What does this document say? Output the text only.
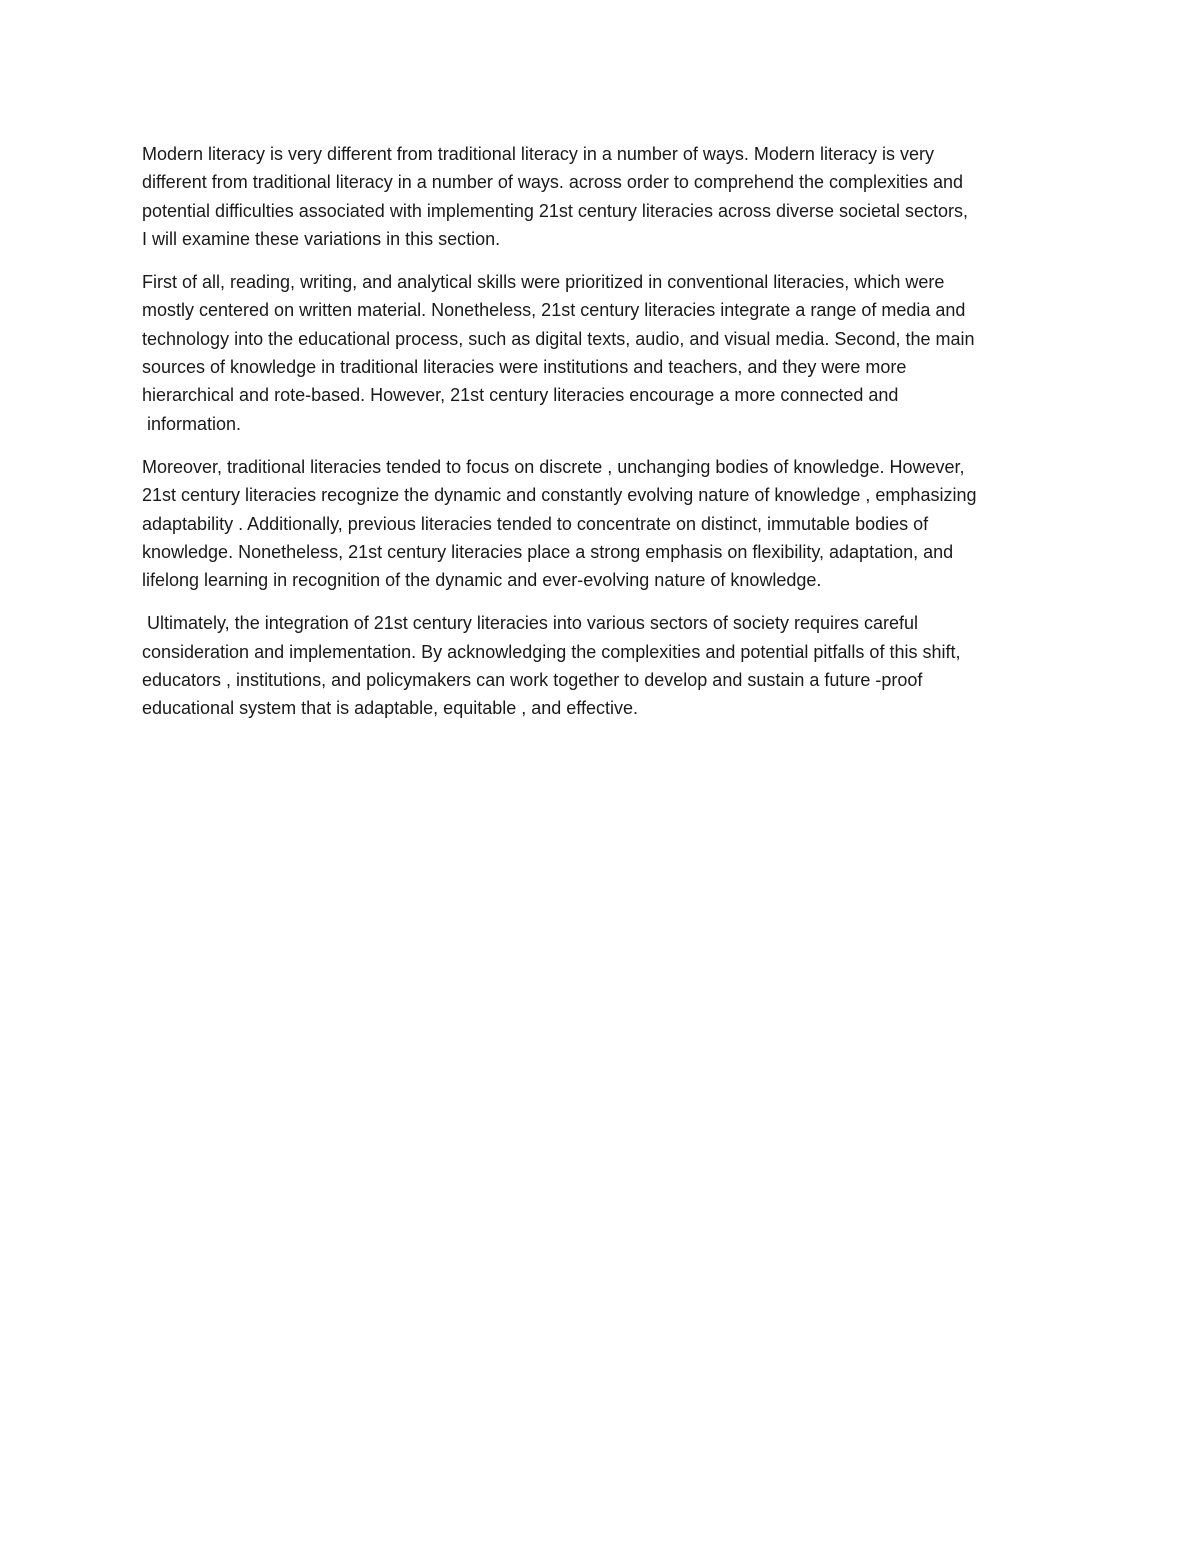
Modern literacy is very different from traditional literacy in a number of ways. Modern literacy is very
different from traditional literacy in a number of ways. across order to comprehend the complexities and
potential difficulties associated with implementing 21st century literacies across diverse societal sectors,
I will examine these variations in this section.

First of all, reading, writing, and analytical skills were prioritized in conventional literacies, which were
mostly centered on written material. Nonetheless, 21st century literacies integrate a range of media and
technology into the educational process, such as digital texts, audio, and visual media. Second, the main
sources of knowledge in traditional literacies were institutions and teachers, and they were more
hierarchical and rote-based. However, 21st century literacies encourage a more connected and
information.

Moreover, traditional literacies tended to focus on discrete , unchanging bodies of knowledge. However,
21st century literacies recognize the dynamic and constantly evolving nature of knowledge , emphasizing
adaptability . Additionally, previous literacies tended to concentrate on distinct, immutable bodies of
knowledge. Nonetheless, 21st century literacies place a strong emphasis on flexibility, adaptation, and
lifelong learning in recognition of the dynamic and ever-evolving nature of knowledge.

Ultimately, the integration of 21st century literacies into various sectors of society requires careful
consideration and implementation. By acknowledging the complexities and potential pitfalls of this shift,
educators , institutions, and policymakers can work together to develop and sustain a future -proof
educational system that is adaptable, equitable , and effective.
